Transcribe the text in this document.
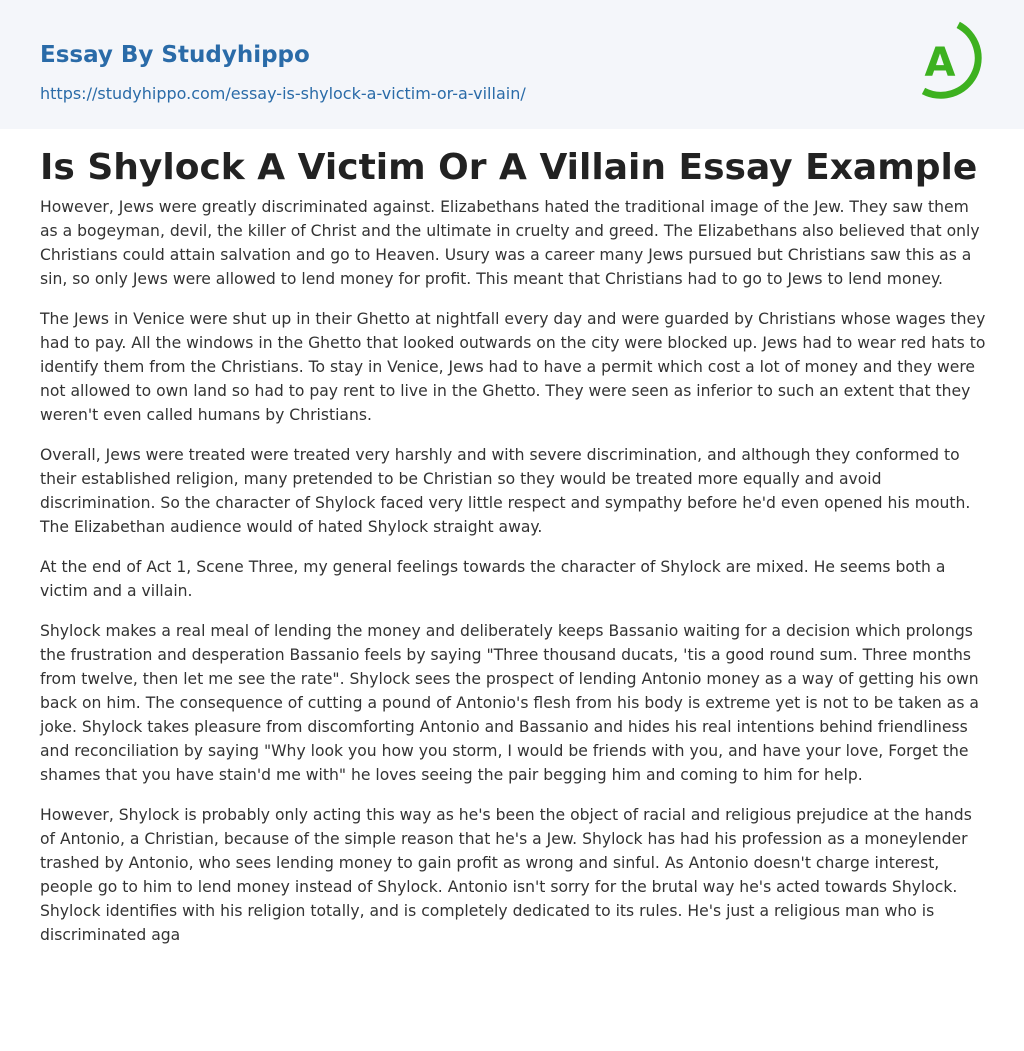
Essay By Studyhippo
https://studyhippo.com/essay-is-shylock-a-victim-or-a-villain/
A
Is Shylock A Victim Or A Villain Essay Example

However, Jews were greatly discriminated against. Elizabethans hated the traditional image of the Jew. They saw them as a bogeyman, devil, the killer of Christ and the ultimate in cruelty and greed. The Elizabethans also believed that only Christians could attain salvation and go to Heaven. Usury was a career many Jews pursued but Christians saw this as a sin, so only Jews were allowed to lend money for profit. This meant that Christians had to go to Jews to lend money.

The Jews in Venice were shut up in their Ghetto at nightfall every day and were guarded by Christians whose wages they had to pay. All the windows in the Ghetto that looked outwards on the city were blocked up. Jews had to wear red hats to identify them from the Christians. To stay in Venice, Jews had to have a permit which cost a lot of money and they were not allowed to own land so had to pay rent to live in the Ghetto. They were seen as inferior to such an extent that they weren't even called humans by Christians.

Overall, Jews were treated were treated very harshly and with severe discrimination, and although they conformed to their established religion, many pretended to be Christian so they would be treated more equally and avoid discrimination. So the character of Shylock faced very little respect and sympathy before he'd even opened his mouth. The Elizabethan audience would of hated Shylock straight away.

At the end of Act 1, Scene Three, my general feelings towards the character of Shylock are mixed. He seems both a victim and a villain.

Shylock makes a real meal of lending the money and deliberately keeps Bassanio waiting for a decision which prolongs the frustration and desperation Bassanio feels by saying "Three thousand ducats, 'tis a good round sum. Three months from twelve, then let me see the rate". Shylock sees the prospect of lending Antonio money as a way of getting his own back on him. The consequence of cutting a pound of Antonio's flesh from his body is extreme yet is not to be taken as a joke. Shylock takes pleasure from discomforting Antonio and Bassanio and hides his real intentions behind friendliness and reconciliation by saying "Why look you how you storm, I would be friends with you, and have your love, Forget the shames that you have stain'd me with" he loves seeing the pair begging him and coming to him for help.

However, Shylock is probably only acting this way as he's been the object of racial and religious prejudice at the hands of Antonio, a Christian, because of the simple reason that he's a Jew. Shylock has had his profession as a moneylender trashed by Antonio, who sees lending money to gain profit as wrong and sinful. As Antonio doesn't charge interest, people go to him to lend money instead of Shylock. Antonio isn't sorry for the brutal way he's acted towards Shylock. Shylock identifies with his religion totally, and is completely dedicated to its rules. He's just a religious man who is discriminated aga
